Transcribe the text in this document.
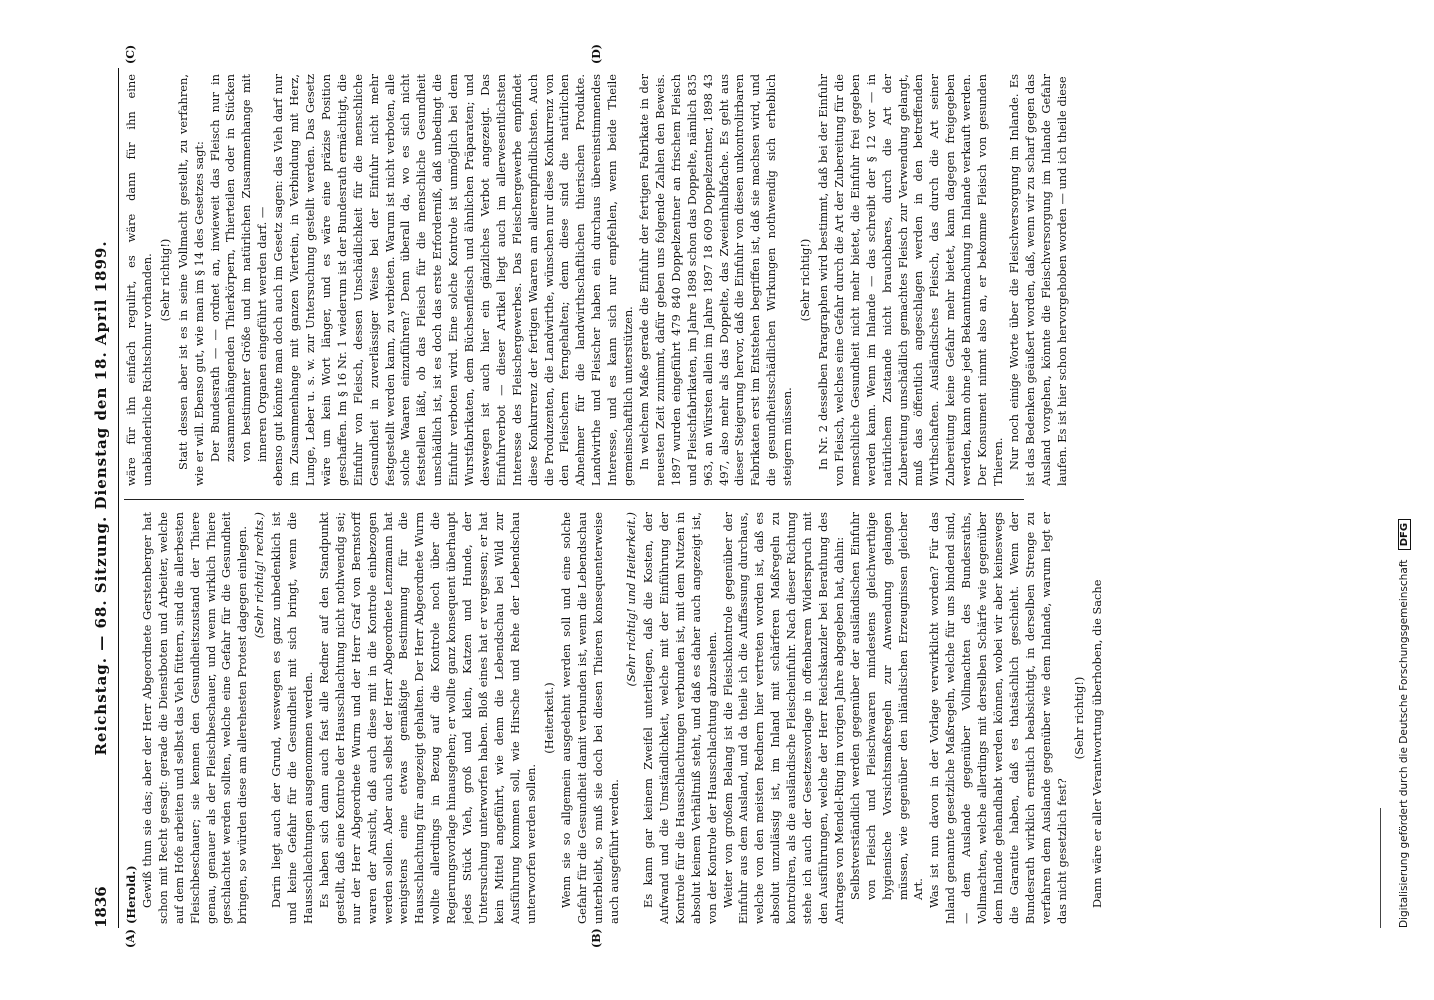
1836
Reichstag. — 68. Sitzung. Dienstag den 18. April 1899.
(A)	(B)
(C)	(D)

(Herold.) Gewiß thun sie das; aber der Herr Abgeordnete Gerstenberger hat schon mit Recht gesagt: gerade die Dienstboten und Arbeiter, welche auf dem Hofe arbeiten und selbst das Vieh füttern, sind die allerbesten Fleischbeschauer; sie kennen den Gesundheitszustand der Thiere genau, genauer als der Fleischbeschauer, und wenn wirklich Thiere geschlachtet werden sollten, welche eine Gefahr für die Gesundheit bringen, so würden diese am allerehesten Protest dagegen einlegen. (Sehr richtig! rechts.) Darin liegt auch der Grund, weswegen es ganz unbedenklich ist und keine Gefahr für die Gesundheit mit sich bringt, wenn die Hausschlachtungen ausgenommen werden. Es haben sich dann auch fast alle Redner auf den Standpunkt gestellt, daß eine Kontrole der Hausschlachtung nicht nothwendig sei; nur der Herr Abgeordnete Wurm und der Herr Graf von Bernstorff waren der Ansicht, daß auch diese mit in die Kontrole einbezogen werden sollen. Aber auch selbst der Herr Abgeordnete Lenzmann hat wenigstens eine etwas gemäßigte Bestimmung für die Hausschlachtung für angezeigt gehalten. Der Herr Abgeordnete Wurm wollte allerdings in Bezug auf die Kontrole noch über die Regierungsvorlage hinausgehen; er wollte ganz konsequent überhaupt jedes Stück Vieh, groß und klein, Katzen und Hunde, der Untersuchung unterworfen haben. Bloß eines hat er vergessen; er hat kein Mittel angeführt, wie denn die Lebendschau bei Wild zur Ausführung kommen soll, wie Hirsche und Rehe der Lebendschau unterworfen werden sollen.

(Heiterkeit.) Wenn sie so allgemein ausgedehnt werden soll und eine solche Gefahr für die Gesundheit damit verbunden ist, wenn die Lebendschau unterbleibt, so muß sie doch bei diesen Thieren konsequenterweise auch ausgeführt werden.

(Sehr richtig! und Heiterkeit.) Es kann gar keinem Zweifel unterliegen, daß die Kosten, der Aufwand und die Umständlichkeit, welche mit der Einführung der Kontrole für die Hausschlachtungen verbunden ist, mit dem Nutzen in absolut keinem Verhältniß steht, und daß es daher auch angezeigt ist, von der Kontrole der Hausschlachtung abzusehen. Weiter von großem Belang ist die Fleischkontrole gegenüber der Einfuhr aus dem Ausland, und da theile ich die Auffassung durchaus, welche von den meisten Rednern hier vertreten worden ist, daß es absolut unzulässig ist, im Inland mit schärferen Maßregeln zu kontroliren, als die ausländische Fleischeinfuhr. Nach dieser Richtung stehe ich auch der Gesetzesvorlage in offenbarem Widerspruch mit den Ausführungen, welche der Herr Reichskanzler bei Berathung des Antrages von Mendel-Ring im vorigen Jahre abgegeben hat, dahin: Selbstverständlich werden gegenüber der ausländischen Einfuhr von Fleisch und Fleischwaaren mindestens gleichwerthige hygienische Vorsichtsmaßregeln zur Anwendung gelangen müssen, wie gegenüber den inländischen Erzeugnissen gleicher Art. Was ist nun davon in der Vorlage verwirklicht worden? Für das Inland genannte gesetzliche Maßregeln, welche für uns bindend sind, — dem Auslande gegenüber Vollmachten des Bundesraths, Vollmachten, welche allerdings mit derselben Schärfe wie gegenüber dem Inlande gehandhabt werden können, wobei wir aber keineswegs die Garantie haben, daß es thatsächlich geschieht. Wenn der Bundesrath wirklich ernstlich beabsichtigt, in derselben Strenge zu verfahren dem Auslande gegenüber wie dem Inlande, warum legt er das nicht gesetzlich fest?

(Sehr richtig!) Dann wäre er aller Verantwortung überhoben, die Sache

wäre für ihn einfach regulirt, es wäre dann für ihn eine unabänderliche Richtschnur vorhanden. (Sehr richtig!) Statt dessen aber ist es in seine Vollmacht gestellt, zu verfahren, wie er will. Ebenso gut, wie man im § 14 des Gesetzes sagt: Der Bundesrath — — ordnet an, inwieweit das Fleisch nur in zusammenhängenden Thierkörpern, Thierteilen oder in Stücken von bestimmter Größe und im natürlichen Zusammenhange mit inneren Organen eingeführt werden darf. — ebenso gut könnte man doch auch im Gesetz sagen: das Vieh darf nur im Zusammenhange mit ganzen Viertein, in Verbindung mit Herz, Lunge, Leber u. s. w. zur Untersuchung gestellt werden. Das Gesetz wäre um kein Wort länger, und es wäre eine präzise Position geschaffen. Im § 16 Nr. 1 wiederum ist der Bundesrath ermächtigt, die Einfuhr von Fleisch, dessen Unschädlichkeit für die menschliche Gesundheit in zuverlässiger Weise bei der Einfuhr nicht mehr festgestellt werden kann, zu verbieten. Warum ist nicht verboten, alle solche Waaren einzuführen? Denn überall da, wo es sich nicht feststellen läßt, ob das Fleisch für die menschliche Gesundheit unschädlich ist, ist es doch das erste Erforderniß, daß unbedingt die Einfuhr verboten wird. Eine solche Kontrole ist unmöglich bei dem Wurstfabrikaten, dem Büchsenfleisch und ähnlichen Präparaten; und deswegen ist auch hier ein gänzliches Verbot angezeigt. Das Einfuhrverbot — dieser Artikel liegt auch im allerwesentlichsten Interesse des Fleischergewerbes. Das Fleischergewerbe empfindet diese Konkurrenz der fertigen Waaren am allerempfindlichsten. Auch die Produzenten, die Landwirthe, wünschen nur diese Konkurrenz von den Fleischern ferngehalten; denn diese sind die natürlichen Abnehmer für die landwirthschaftlichen thierischen Produkte. Landwirthe und Fleischer haben ein durchaus übereinstimmendes Interesse, und es kann sich nur empfehlen, wenn beide Theile gemeinschaftlich unterstützen. In welchem Maße gerade die Einfuhr der fertigen Fabrikate in der neuesten Zeit zunimmt, dafür geben uns folgende Zahlen den Beweis. 1897 wurden eingeführt 479 840 Doppelzentner an frischem Fleisch und Fleischfabrikaten, im Jahre 1898 schon das Doppelte, nämlich 835 963, an Würsten allein im Jahre 1897 18 609 Doppelzentner, 1898 43 497, also mehr als das Doppelte, das Zweieinhalbfache. Es geht aus dieser Steigerung hervor, daß die Einfuhr von diesen unkontrolirbaren Fabrikaten erst im Entstehen begriffen ist, daß sie machsen wird, und die gesundheitsschädlichen Wirkungen nothwendig sich erheblich steigern müssen.

(Sehr richtig!) In Nr. 2 desselben Paragraphen wird bestimmt, daß bei der Einfuhr von Fleisch, welches eine Gefahr durch die Art der Zubereitung für die menschliche Gesundheit nicht mehr bietet, die Einfuhr frei gegeben werden kann. Wenn im Inlande — das schreibt der § 12 vor — in natürlichem Zustande nicht brauchbares, durch die Art der Zubereitung unschädlich gemachtes Fleisch zur Verwendung gelangt, muß das öffentlich angeschlagen werden in den betreffenden Wirthschaften. Ausländisches Fleisch, das durch die Art seiner Zubereitung keine Gefahr mehr bietet, kann dagegen freigegeben werden, kann ohne jede Bekanntmachung im Inlande verkauft werden. Der Konsument nimmt also an, er bekomme Fleisch von gesunden Thieren. Nur noch einige Worte über die Fleischversorgung im Inlande. Es ist das Bedenken geäußert worden, daß, wenn wir zu scharf gegen das Ausland vorgehen, könnte die Fleischversorgung im Inlande Gefahr laufen. Es ist hier schon hervorgehoben worden — und ich theile diese

Digitalisierung gefördert durch die Deutsche Forschungsgemeinschaft DFG
